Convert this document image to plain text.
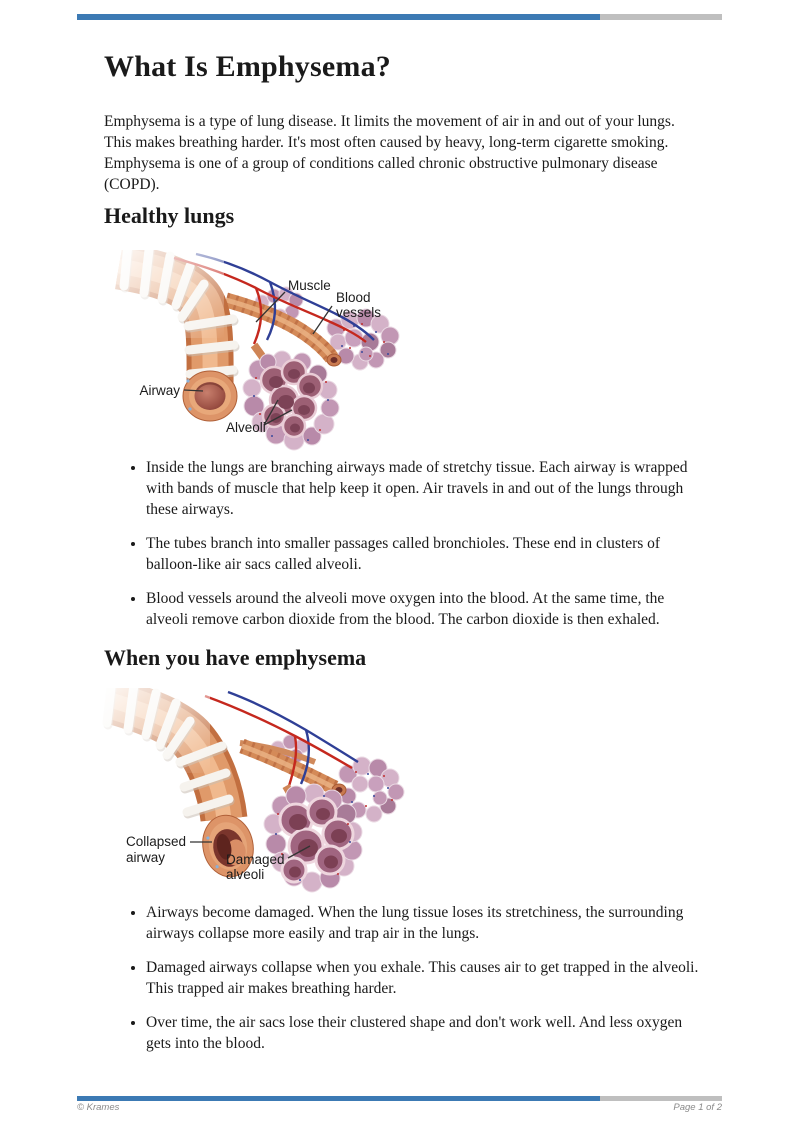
What Is Emphysema?

Emphysema is a type of lung disease. It limits the movement of air in and out of your lungs. This makes breathing harder. It's most often caused by heavy, long-term cigarette smoking. Emphysema is one of a group of conditions called chronic obstructive pulmonary disease (COPD).

Healthy lungs
Muscle
Blood
vessels
Airway
Alveoli
• Inside the lungs are branching airways made of stretchy tissue. Each airway is wrapped with bands of muscle that help keep it open. Air travels in and out of the lungs through these airways.
• The tubes branch into smaller passages called bronchioles. These end in clusters of balloon-like air sacs called alveoli.
• Blood vessels around the alveoli move oxygen into the blood. At the same time, the alveoli remove carbon dioxide from the blood. The carbon dioxide is then exhaled.
When you have emphysema
Collapsed
airway	Damaged
alveoli
• Airways become damaged. When the lung tissue loses its stretchiness, the surrounding airways collapse more easily and trap air in the lungs.
• Damaged airways collapse when you exhale. This causes air to get trapped in the alveoli. This trapped air makes breathing harder.
• Over time, the air sacs lose their clustered shape and don't work well. And less oxygen gets into the blood.
© Krames	Page 1 of 2
